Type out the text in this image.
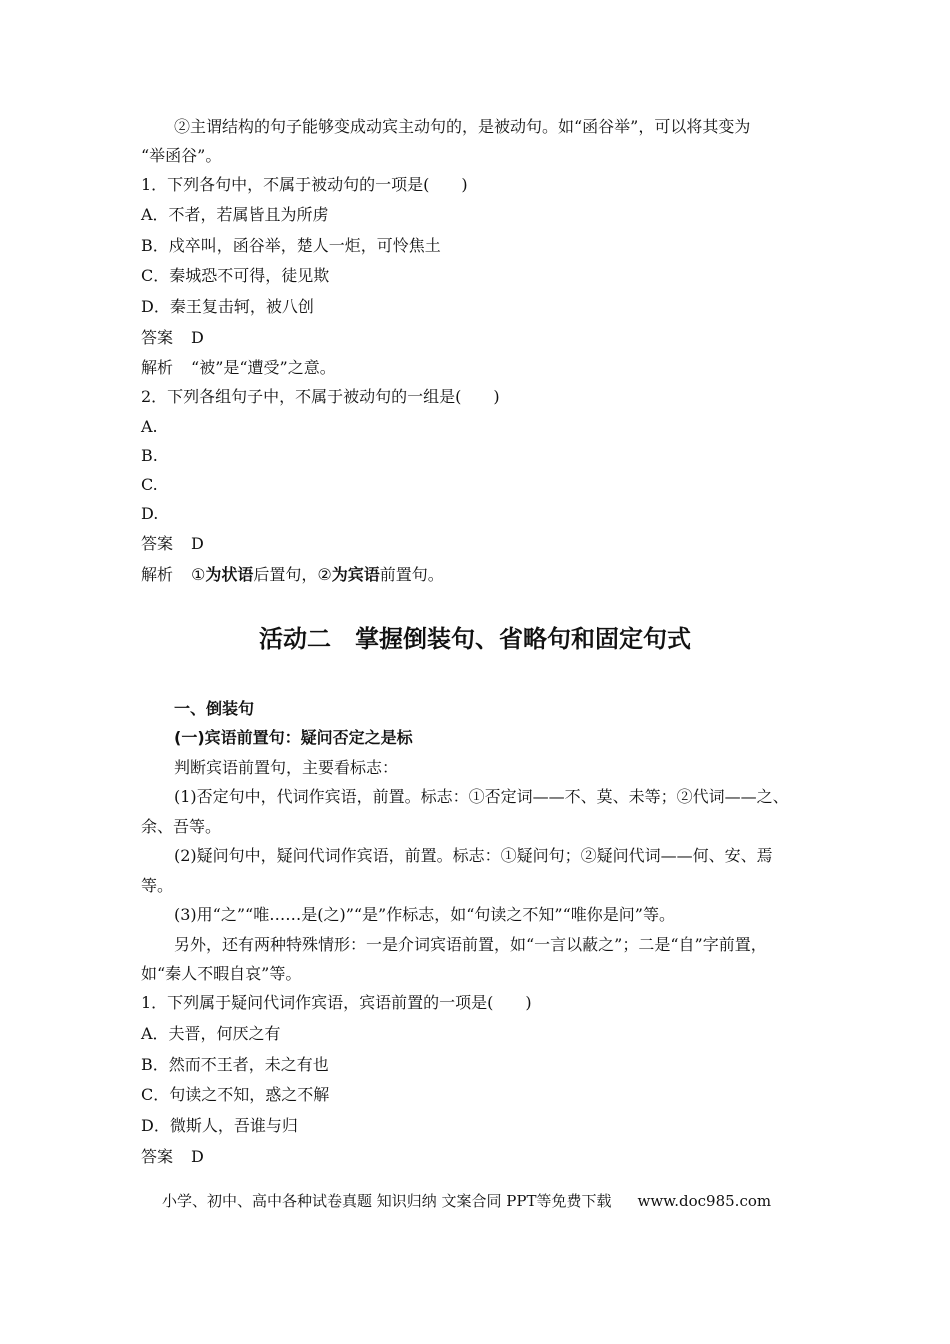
②主谓结构的句子能够变成动宾主动句的，是被动句。如“函谷举”，可以将其变为
“举函谷”。
1．下列各句中，不属于被动句的一项是(　　)
A．不者，若属皆且为所虏
B．戍卒叫，函谷举，楚人一炬，可怜焦土
C．秦城恐不可得，徒见欺
D．秦王复击轲，被八创
答案 D
解析 “被”是“遭受”之意。
2．下列各组句子中，不属于被动句的一组是(　　)
A.
B.
C.
D.
答案 D
解析 ①为状语后置句，②为宾语前置句。
活动二　掌握倒装句、省略句和固定句式
一、倒装句
(一)宾语前置句：疑问否定之是标
判断宾语前置句，主要看标志：
(1)否定句中，代词作宾语，前置。标志：①否定词——不、莫、未等；②代词——之、
余、吾等。
(2)疑问句中，疑问代词作宾语，前置。标志：①疑问句；②疑问代词——何、安、焉
等。
(3)用“之”“唯……是(之)”“是”作标志，如“句读之不知”“唯你是问”等。
另外，还有两种特殊情形：一是介词宾语前置，如“一言以蔽之”；二是“自”字前置，
如“秦人不暇自哀”等。
1．下列属于疑问代词作宾语，宾语前置的一项是(　　)
A．夫晋，何厌之有
B．然而不王者，未之有也
C．句读之不知，惑之不解
D．微斯人，吾谁与归
答案 D
小学、初中、高中各种试卷真题 知识归纳 文案合同 PPT等免费下载 www.doc985.com
